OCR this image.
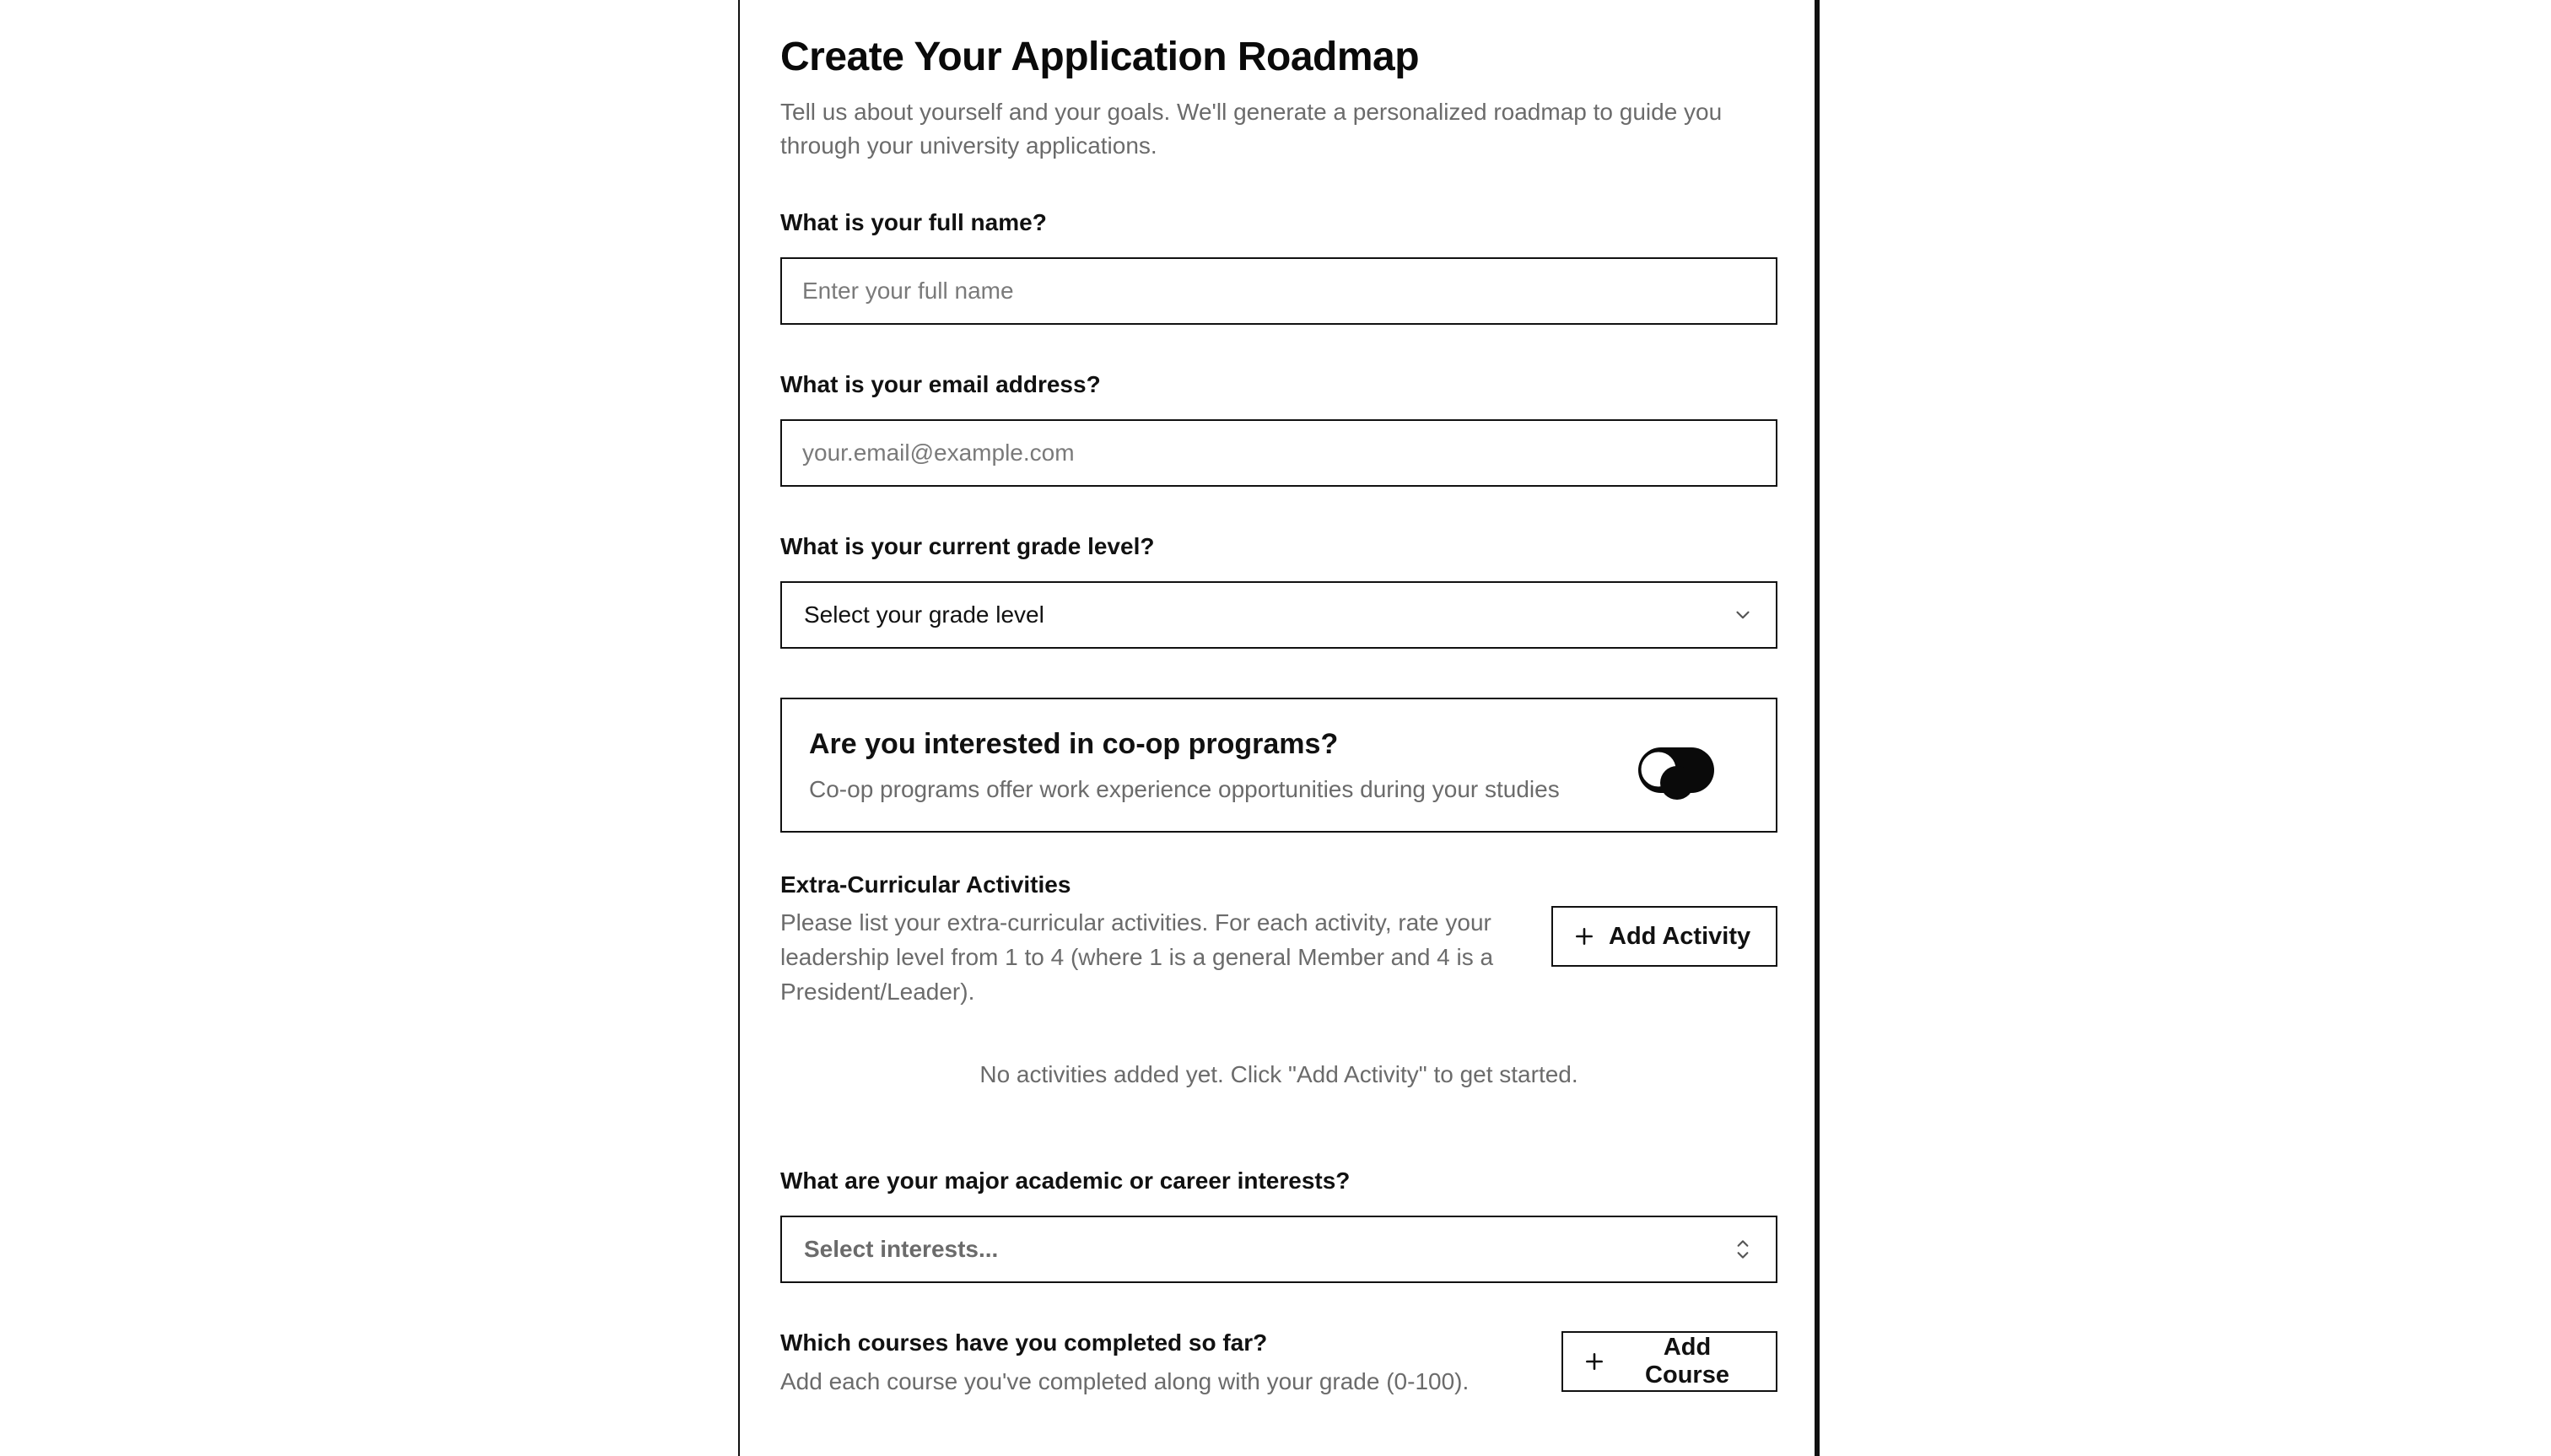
Create Your Application Roadmap
Tell us about yourself and your goals. We'll generate a personalized roadmap to guide you through your university applications.
What is your full name?
Enter your full name
What is your email address?
your.email@example.com
What is your current grade level?
Select your grade level
Are you interested in co-op programs?
Co-op programs offer work experience opportunities during your studies
Extra-Curricular Activities
Please list your extra-curricular activities. For each activity, rate your leadership level from 1 to 4 (where 1 is a general Member and 4 is a President/Leader).
Add Activity
No activities added yet. Click "Add Activity" to get started.
What are your major academic or career interests?
Select interests...
Which courses have you completed so far?
Add each course you've completed along with your grade (0-100).
Add Course
